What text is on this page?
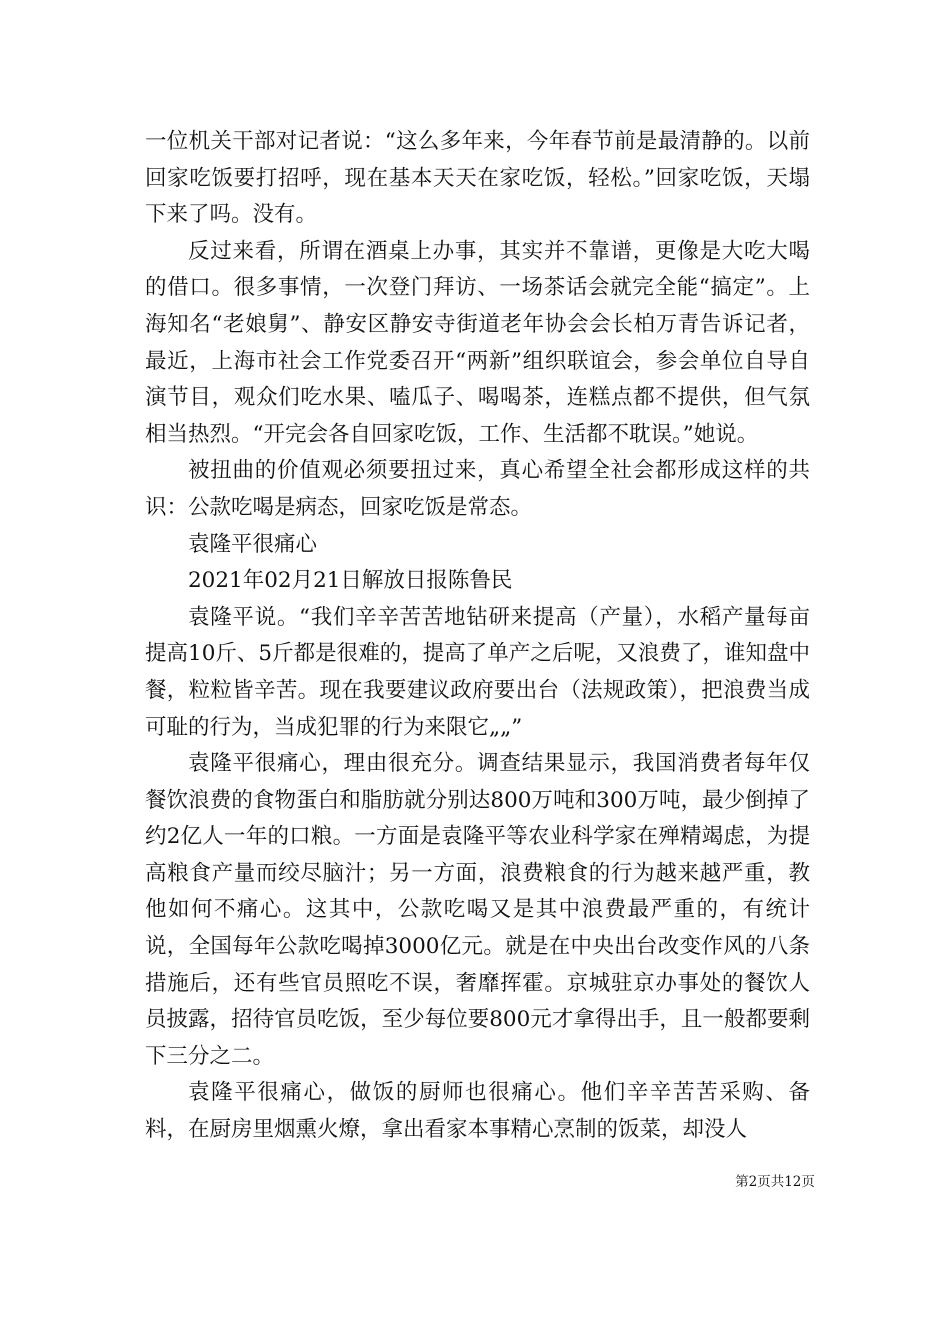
一位机关干部对记者说：“这么多年来，今年春节前是最清静的。以前回家吃饭要打招呼，现在基本天天在家吃饭，轻松。”回家吃饭，天塌下来了吗。没有。

反过来看，所谓在酒桌上办事，其实并不靠谱，更像是大吃大喝的借口。很多事情，一次登门拜访、一场茶话会就完全能“搞定”。上海知名“老娘舅”、静安区静安寺街道老年协会会长柏万青告诉记者，最近，上海市社会工作党委召开“两新”组织联谊会，参会单位自导自演节目，观众们吃水果、嗑瓜子、喝喝茶，连糕点都不提供，但气氛相当热烈。“开完会各自回家吃饭，工作、生活都不耽误。”她说。

被扭曲的价值观必须要扭过来，真心希望全社会都形成这样的共识：公款吃喝是病态，回家吃饭是常态。

袁隆平很痛心

2021年02月21日解放日报陈鲁民

袁隆平说。“我们辛辛苦苦地钻研来提高（产量），水稻产量每亩提高10斤、5斤都是很难的，提高了单产之后呢，又浪费了，谁知盘中餐，粒粒皆辛苦。现在我要建议政府要出台（法规政策），把浪费当成可耻的行为，当成犯罪的行为来限它„„”

袁隆平很痛心，理由很充分。调查结果显示，我国消费者每年仅餐饮浪费的食物蛋白和脂肪就分别达800万吨和300万吨，最少倒掉了约2亿人一年的口粮。一方面是袁隆平等农业科学家在殚精竭虑，为提高粮食产量而绞尽脑汁；另一方面，浪费粮食的行为越来越严重，教他如何不痛心。这其中，公款吃喝又是其中浪费最严重的，有统计说，全国每年公款吃喝掉3000亿元。就是在中央出台改变作风的八条措施后，还有些官员照吃不误，奢靡挥霍。京城驻京办事处的餐饮人员披露，招待官员吃饭，至少每位要800元才拿得出手，且一般都要剩下三分之二。

袁隆平很痛心，做饭的厨师也很痛心。他们辛辛苦苦采购、备料，在厨房里烟熏火燎，拿出看家本事精心烹制的饭菜，却没人

第2页共12页
